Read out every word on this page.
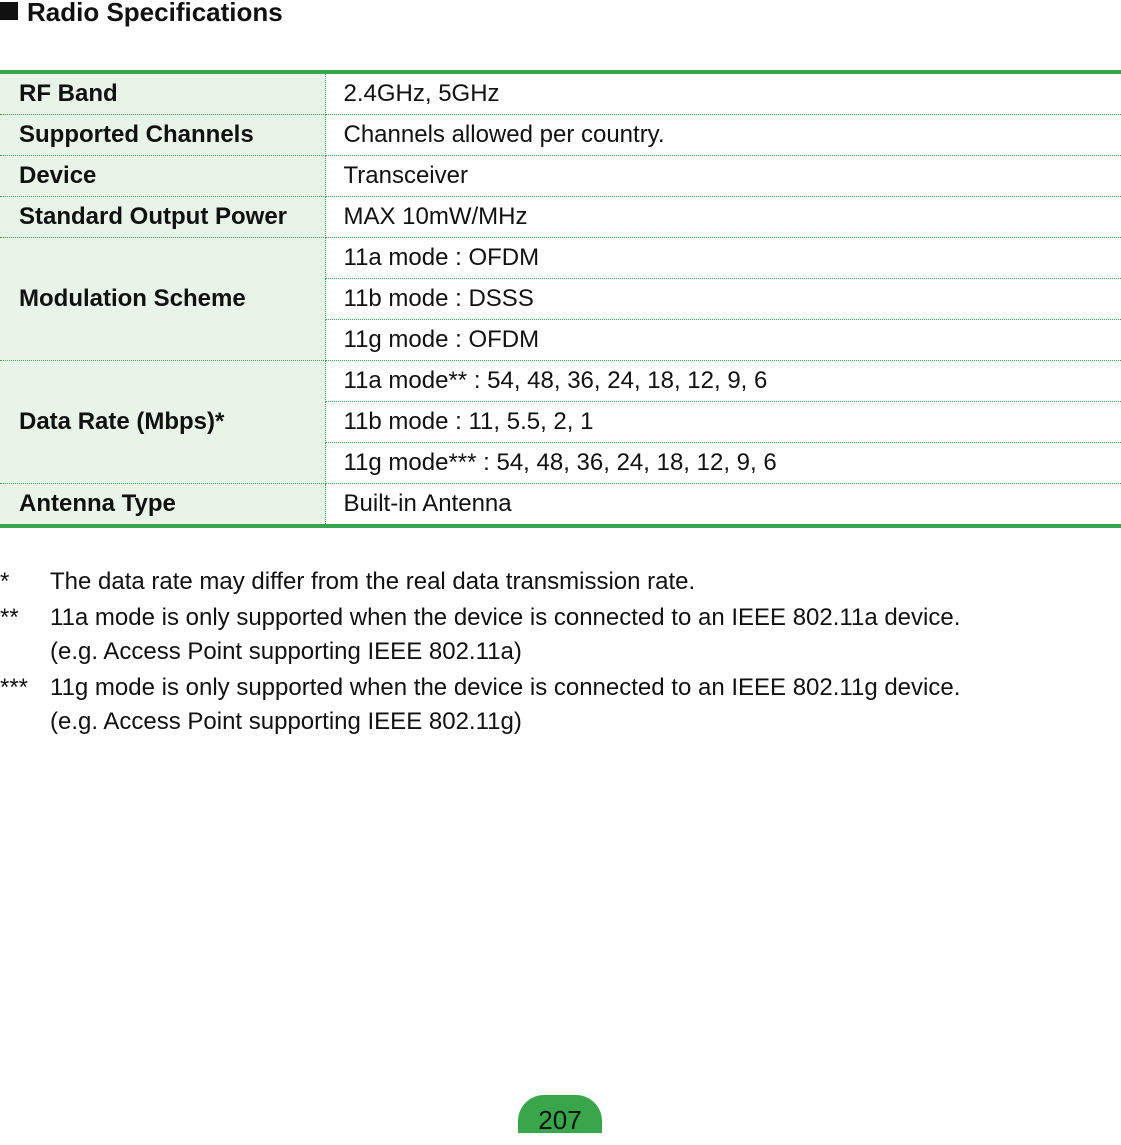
Radio Specifications
RF Band	2.4GHz, 5GHz
Supported Channels	Channels allowed per country.
Device	Transceiver
Standard Output Power	MAX 10mW/MHz
Modulation Scheme	11a mode : OFDM
	11b mode : DSSS
	11g mode : OFDM
Data Rate (Mbps)*	11a mode** : 54, 48, 36, 24, 18, 12, 9, 6
	11b mode : 11, 5.5, 2, 1
	11g mode*** : 54, 48, 36, 24, 18, 12, 9, 6
Antenna Type	Built-in Antenna
* The data rate may differ from the real data transmission rate.
** 11a mode is only supported when the device is connected to an IEEE 802.11a device.
(e.g. Access Point supporting IEEE 802.11a)
*** 11g mode is only supported when the device is connected to an IEEE 802.11g device.
(e.g. Access Point supporting IEEE 802.11g)
207
